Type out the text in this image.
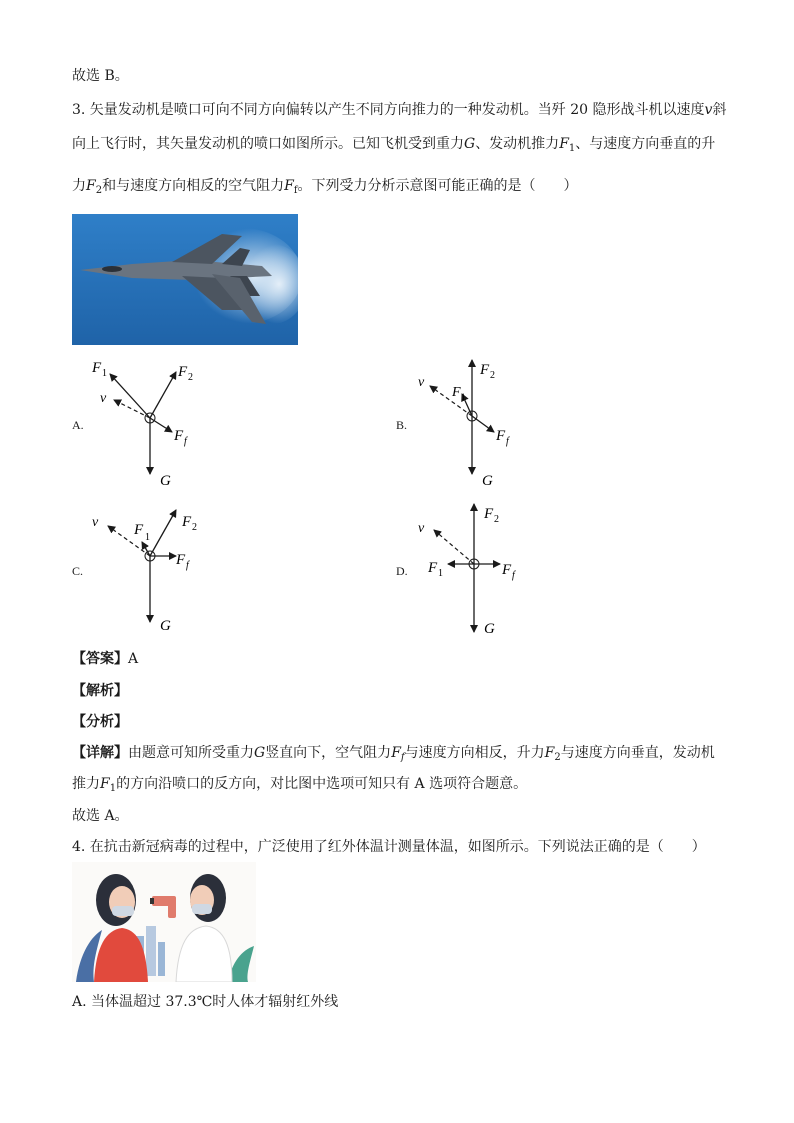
故选 B。
3. 矢量发动机是喷口可向不同方向偏转以产生不同方向推力的一种发动机。当歼 20 隐形战斗机以速度v斜
向上飞行时，其矢量发动机的喷口如图所示。已知飞机受到重力G、发动机推力$F_1$、与速度方向垂直的升
力$F_2$和与速度方向相反的空气阻力$F_f$。下列受力分析示意图可能正确的是（　　）
A.
F 1	F 2
v
F f
G
B.
F 2
F 1
v
F f
G
C.
F 2
F 1
v
F f
G
D.
F 2
v
F 1	F f
G
【答案】A
【解析】
【分析】
【详解】由题意可知所受重力G竖直向下，空气阻力$F_f$与速度方向相反，升力$F_2$与速度方向垂直，发动机
推力$F_1$的方向沿喷口的反方向，对比图中选项可知只有 A 选项符合题意。
故选 A。
4. 在抗击新冠病毒的过程中，广泛使用了红外体温计测量体温，如图所示。下列说法正确的是（　　）
A. 当体温超过 37.3℃时人体才辐射红外线
